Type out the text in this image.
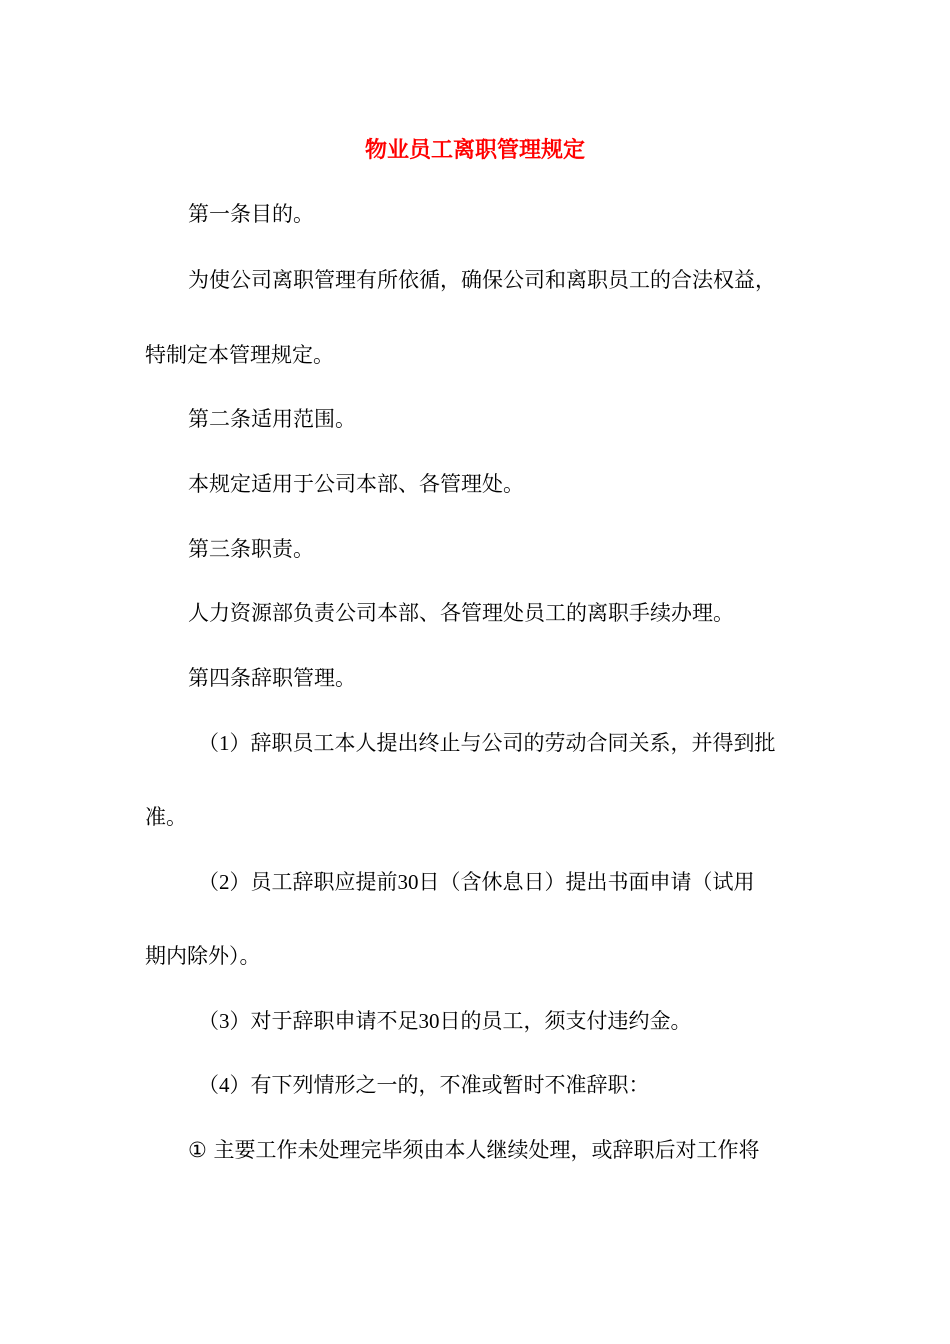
物业员工离职管理规定
第一条目的。
为使公司离职管理有所依循，确保公司和离职员工的合法权益，
特制定本管理规定。
第二条适用范围。
本规定适用于公司本部、各管理处。
第三条职责。
人力资源部负责公司本部、各管理处员工的离职手续办理。
第四条辞职管理。
（1）辞职员工本人提出终止与公司的劳动合同关系，并得到批
准。
（2）员工辞职应提前30日（含休息日）提出书面申请（试用
期内除外）。
（3）对于辞职申请不足30日的员工，须支付违约金。
（4）有下列情形之一的，不准或暂时不准辞职：
① 主要工作未处理完毕须由本人继续处理，或辞职后对工作将
